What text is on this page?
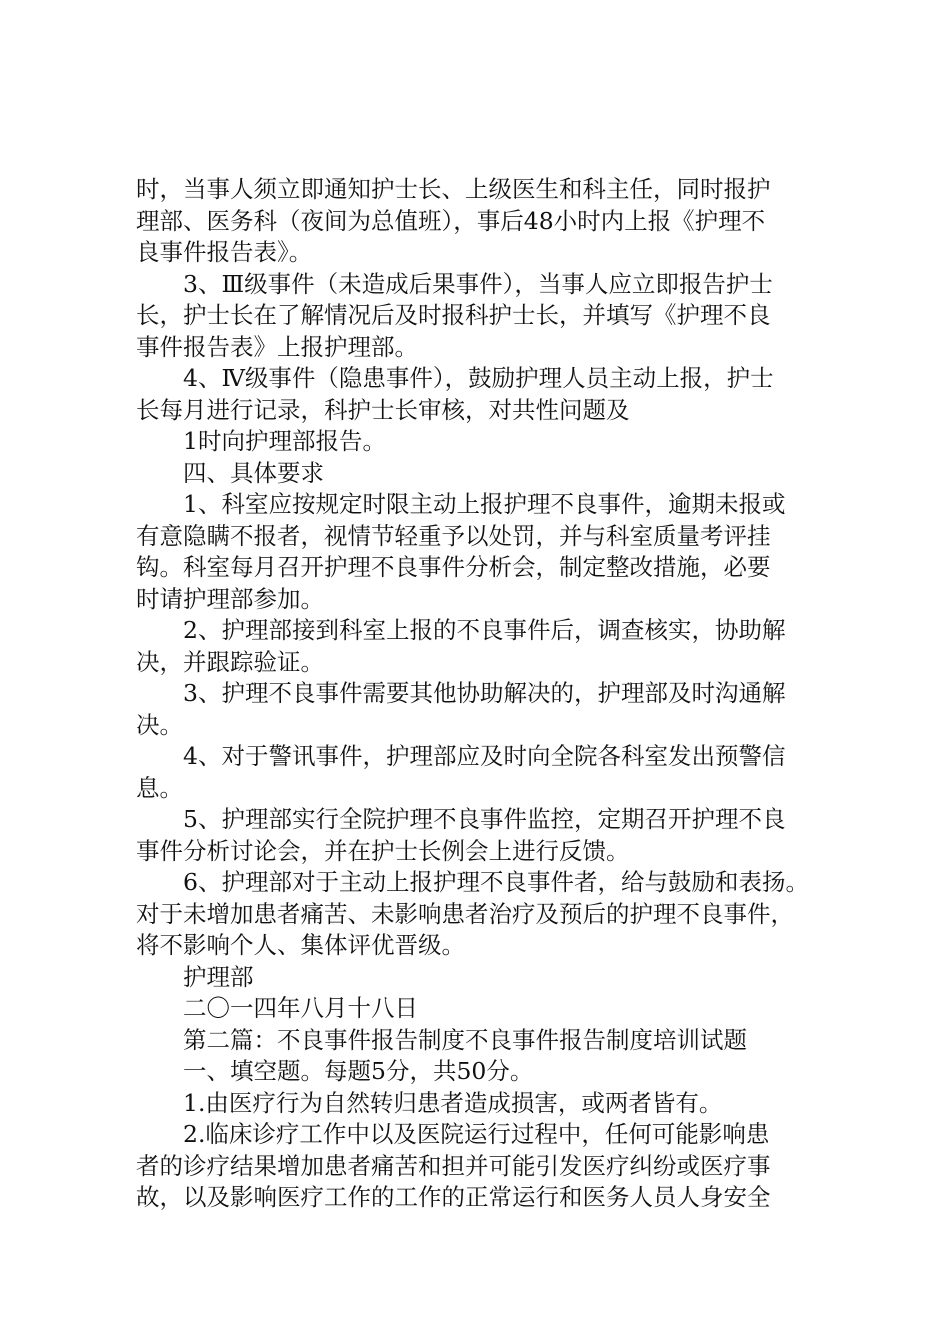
时，当事人须立即通知护士长、上级医生和科主任，同时报护
理部、医务科（夜间为总值班），事后48小时内上报《护理不
良事件报告表》。
3、Ⅲ级事件（未造成后果事件），当事人应立即报告护士
长，护士长在了解情况后及时报科护士长，并填写《护理不良
事件报告表》上报护理部。
4、Ⅳ级事件（隐患事件），鼓励护理人员主动上报，护士
长每月进行记录，科护士长审核，对共性问题及
1时向护理部报告。
四、具体要求
1、科室应按规定时限主动上报护理不良事件，逾期未报或
有意隐瞒不报者，视情节轻重予以处罚，并与科室质量考评挂
钩。科室每月召开护理不良事件分析会，制定整改措施，必要
时请护理部参加。
2、护理部接到科室上报的不良事件后，调查核实，协助解
决，并跟踪验证。
3、护理不良事件需要其他协助解决的，护理部及时沟通解
决。
4、对于警讯事件，护理部应及时向全院各科室发出预警信
息。
5、护理部实行全院护理不良事件监控，定期召开护理不良
事件分析讨论会，并在护士长例会上进行反馈。
6、护理部对于主动上报护理不良事件者，给与鼓励和表扬。
对于未增加患者痛苦、未影响患者治疗及预后的护理不良事件，
将不影响个人、集体评优晋级。
护理部
二〇一四年八月十八日
第二篇：不良事件报告制度不良事件报告制度培训试题
一、填空题。每题5分，共50分。
1.由医疗行为自然转归患者造成损害，或两者皆有。
2.临床诊疗工作中以及医院运行过程中，任何可能影响患
者的诊疗结果增加患者痛苦和担并可能引发医疗纠纷或医疗事
故，以及影响医疗工作的工作的正常运行和医务人员人身安全
